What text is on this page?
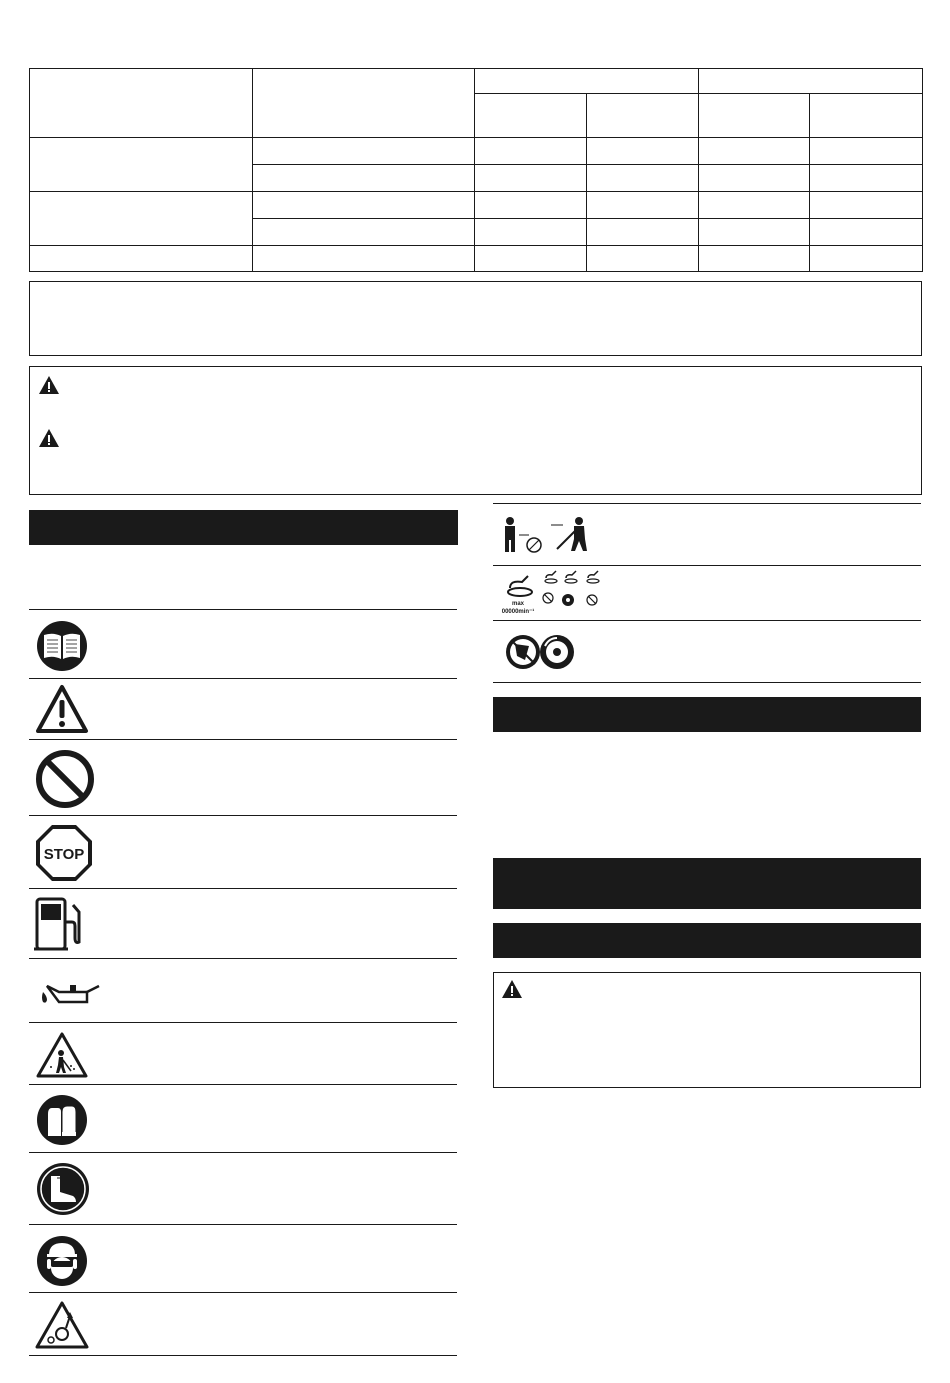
STOP
max
00000min⁻¹
